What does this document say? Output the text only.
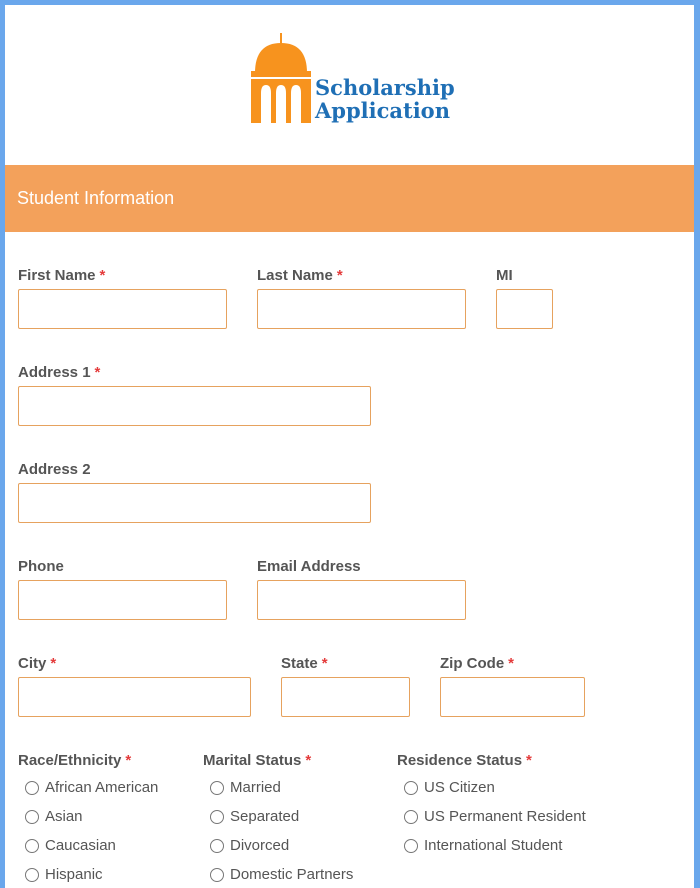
Scholarship
Application
Student Information
First Name *	Last Name *	MI
Address 1 *
Address 2
Phone	Email Address
City *	State *	Zip Code *
Race/Ethnicity *	Marital Status *	Residence Status *
African American
Asian
Caucasian
Hispanic
Married
Separated
Divorced
Domestic Partners
US Citizen
US Permanent Resident
International Student
